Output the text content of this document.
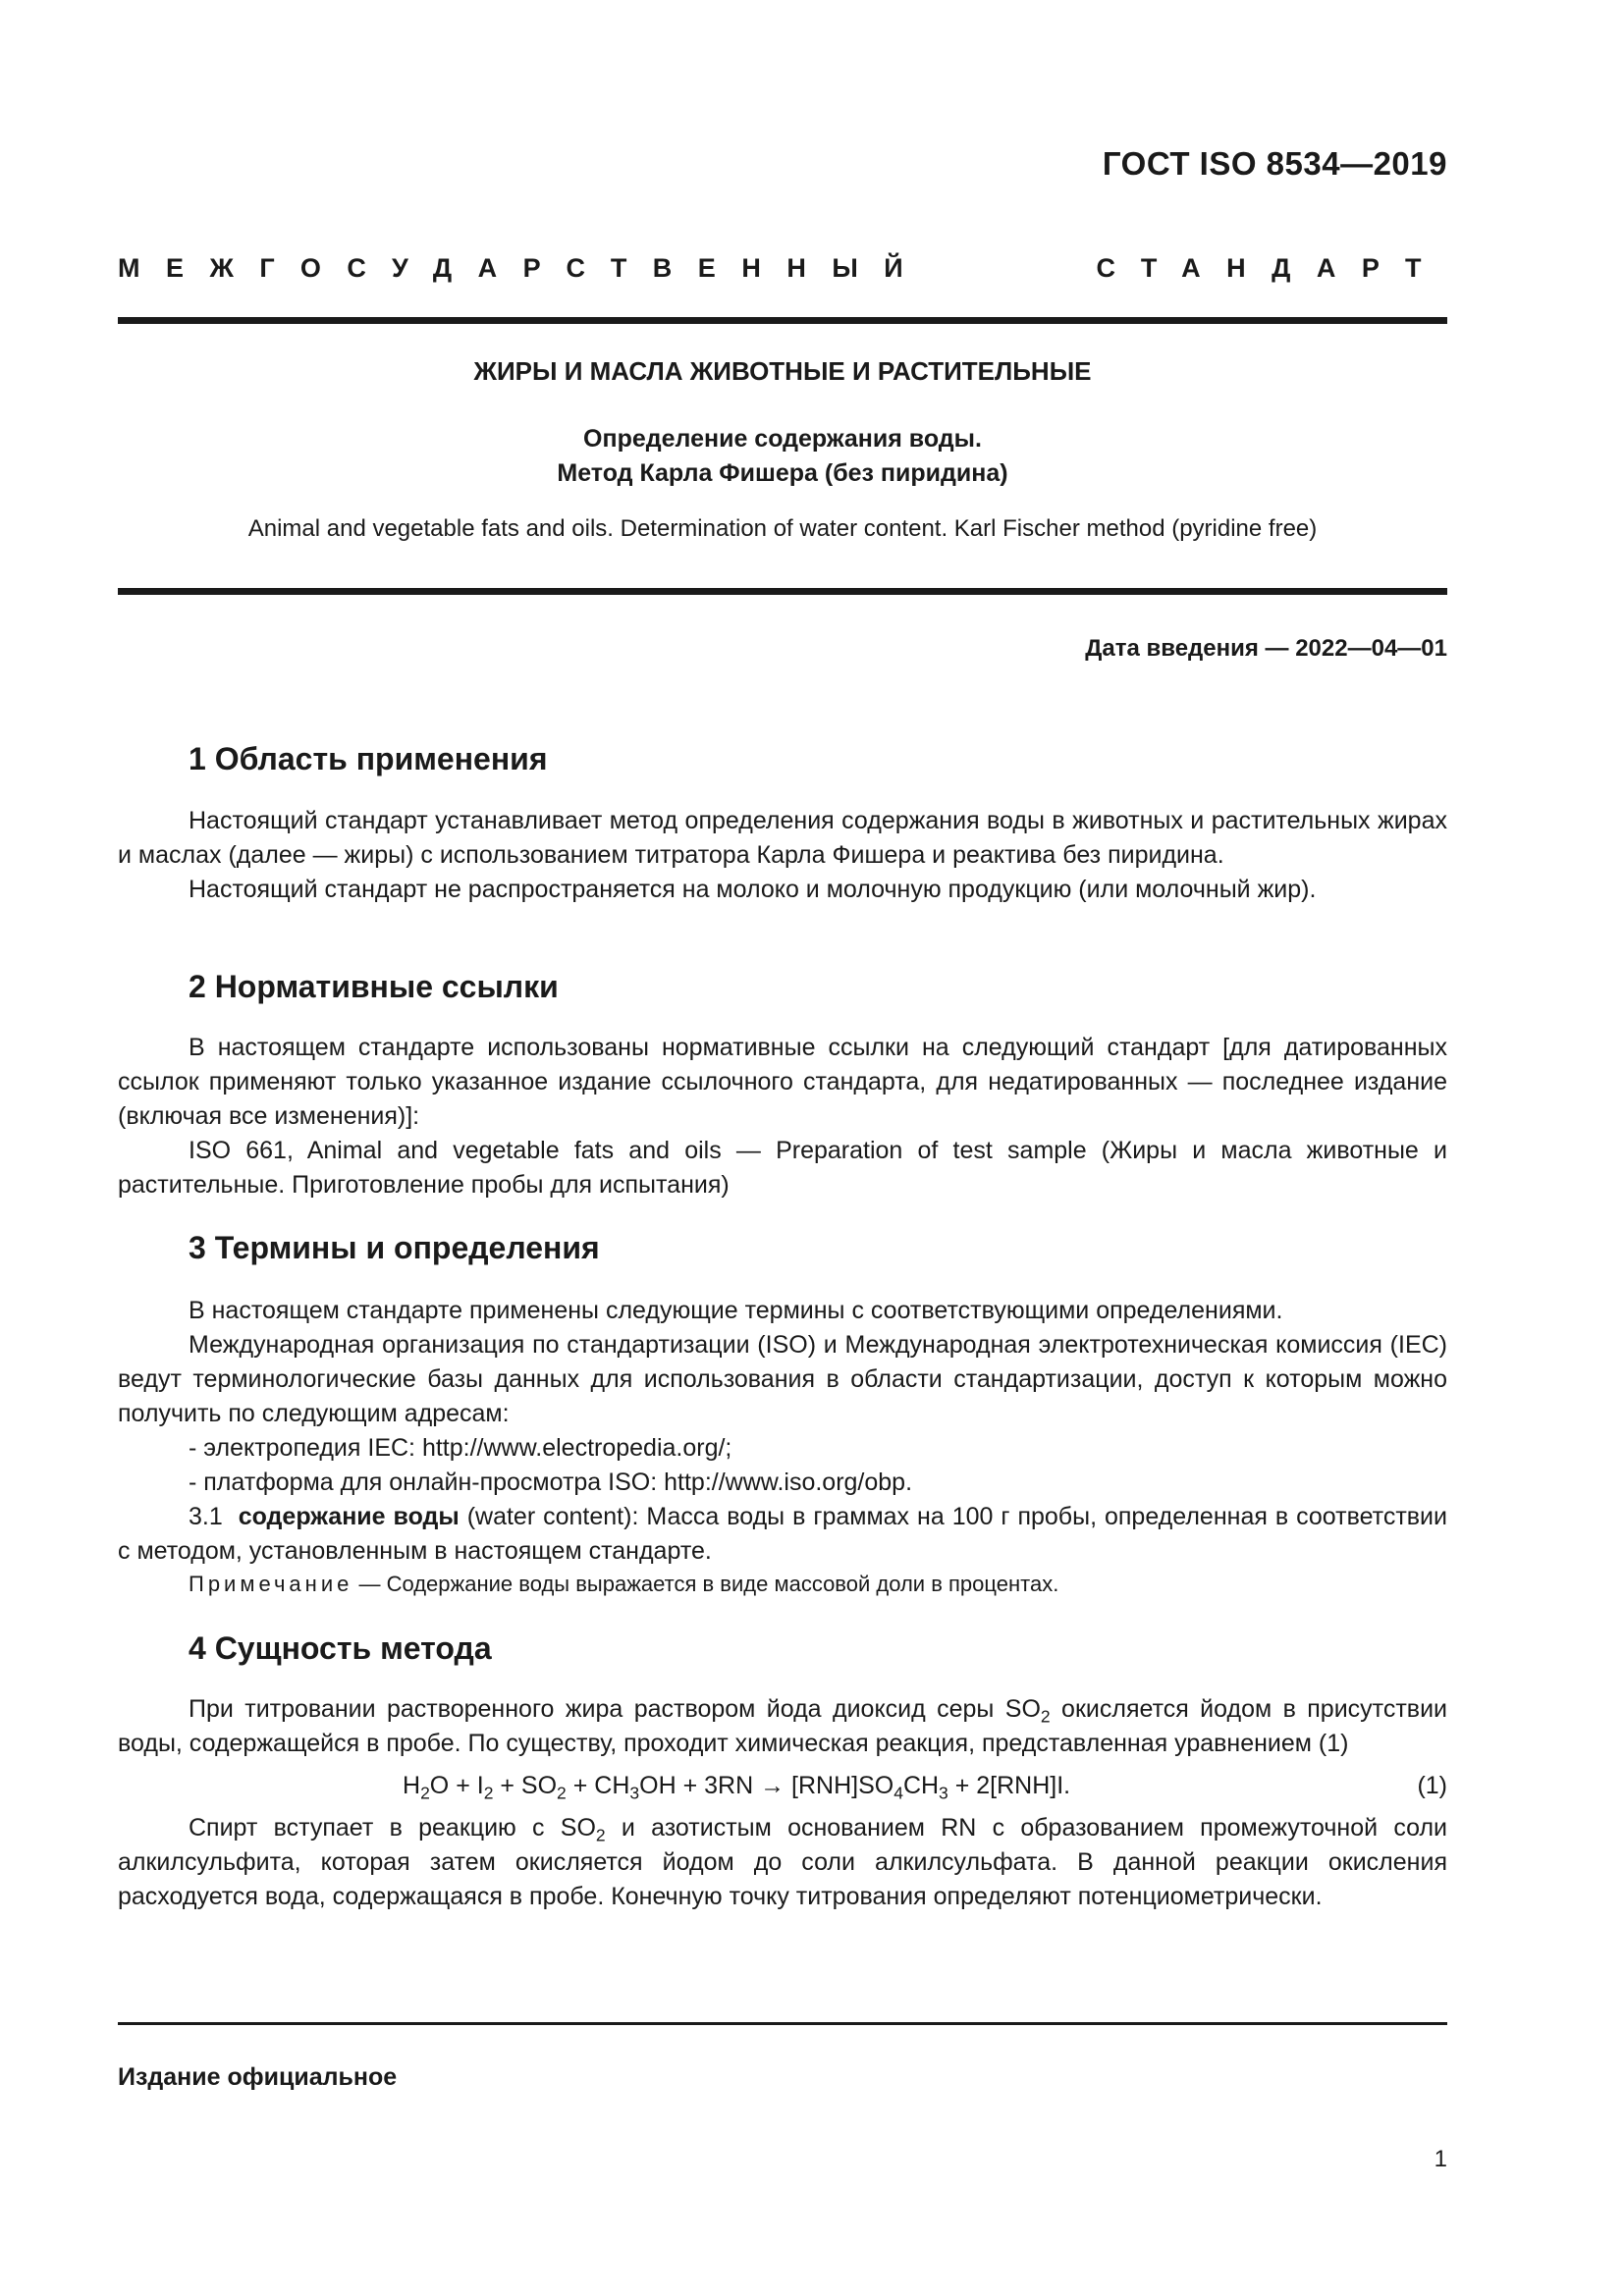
ГОСТ ISO 8534—2019
МЕЖГОСУДАРСТВЕННЫЙ	СТАНДАРТ
ЖИРЫ И МАСЛА ЖИВОТНЫЕ И РАСТИТЕЛЬНЫЕ
Определение содержания воды.
Метод Карла Фишера (без пиридина)
Animal and vegetable fats and oils. Determination of water content. Karl Fischer method (pyridine free)
Дата введения — 2022—04—01
1 Область применения

Настоящий стандарт устанавливает метод определения содержания воды в животных и растительных жирах и маслах (далее — жиры) с использованием титратора Карла Фишера и реактива без пиридина.

Настоящий стандарт не распространяется на молоко и молочную продукцию (или молочный жир).

2 Нормативные ссылки

В настоящем стандарте использованы нормативные ссылки на следующий стандарт [для датированных ссылок применяют только указанное издание ссылочного стандарта, для недатированных — последнее издание (включая все изменения)]:

ISO 661, Animal and vegetable fats and oils — Preparation of test sample (Жиры и масла животные и растительные. Приготовление пробы для испытания)

3 Термины и определения

В настоящем стандарте применены следующие термины с соответствующими определениями.

Международная организация по стандартизации (ISO) и Международная электротехническая комиссия (IEC) ведут терминологические базы данных для использования в области стандартизации, доступ к которым можно получить по следующим адресам:

- электропедия IEC: http://www.electropedia.org/;

- платформа для онлайн-просмотра ISO: http://www.iso.org/obp.

3.1 содержание воды (water content): Масса воды в граммах на 100 г пробы, определенная в соответствии с методом, установленным в настоящем стандарте.

Примечание — Содержание воды выражается в виде массовой доли в процентах.

4 Сущность метода

При титровании растворенного жира раствором йода диоксид серы $SO_2$ окисляется йодом в присутствии воды, содержащейся в пробе. По существу, проходит химическая реакция, представленная уравнением (1)

$H_2O + I_2 + SO_2 + CH_3OH + 3RN \to [RNH]SO_4CH_3 + 2[RNH]I$.	(1)

Спирт вступает в реакцию с $SO_2$ и азотистым основанием RN с образованием промежуточной соли алкилсульфита, которая затем окисляется йодом до соли алкилсульфата. В данной реакции окисления расходуется вода, содержащаяся в пробе. Конечную точку титрования определяют потенциометрически.

Издание официальное
1
